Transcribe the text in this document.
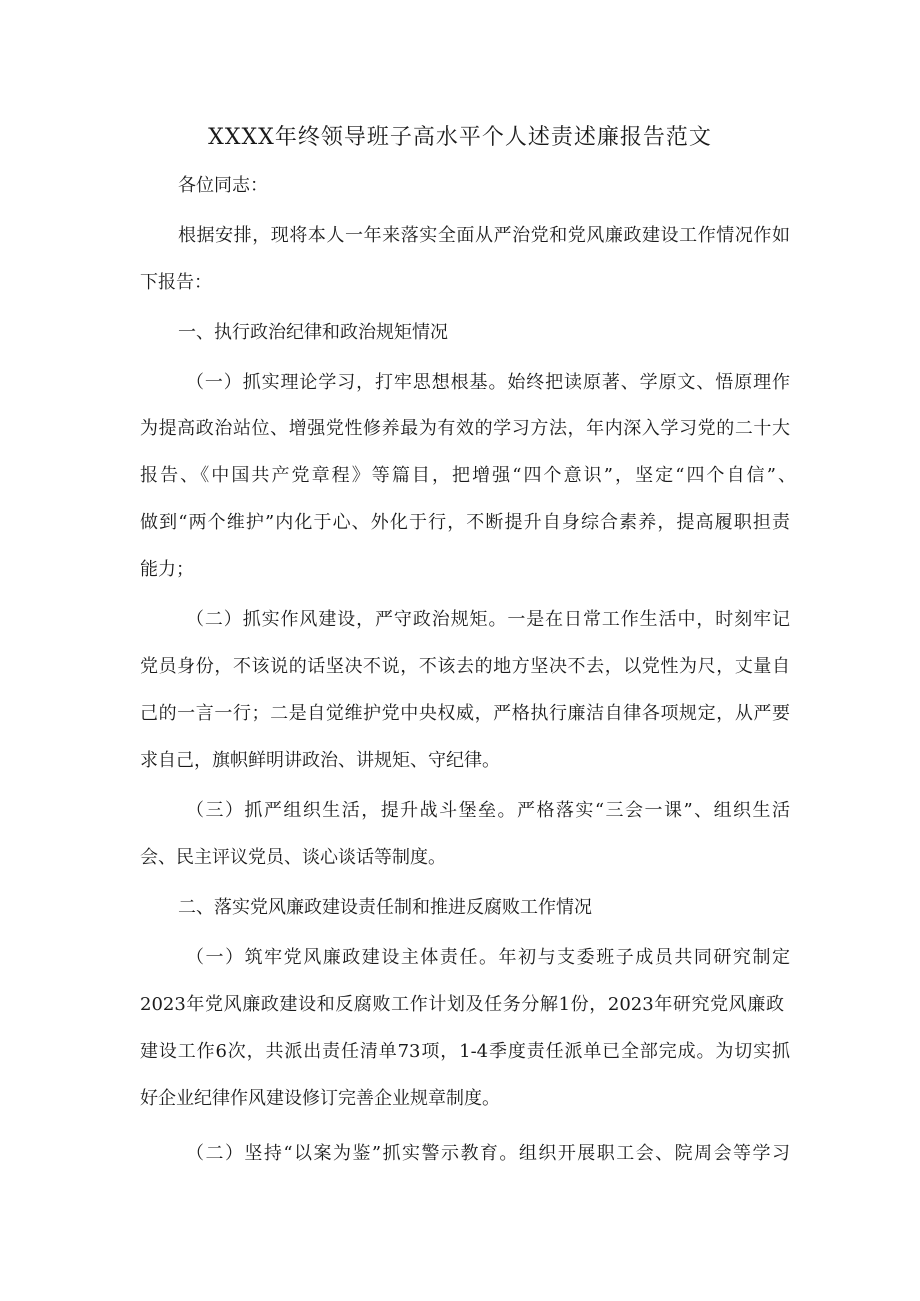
XXXX年终领导班子高水平个人述责述廉报告范文
各位同志：
根据安排，现将本人一年来落实全面从严治党和党风廉政建设工作情况作如
下报告：
一、执行政治纪律和政治规矩情况
（一）抓实理论学习，打牢思想根基。始终把读原著、学原文、悟原理作
为提高政治站位、增强党性修养最为有效的学习方法，年内深入学习党的二十大
报告、《中国共产党章程》等篇目，把增强“四个意识”，坚定“四个自信”、
做到“两个维护”内化于心、外化于行，不断提升自身综合素养，提高履职担责
能力；
（二）抓实作风建设，严守政治规矩。一是在日常工作生活中，时刻牢记
党员身份，不该说的话坚决不说，不该去的地方坚决不去，以党性为尺，丈量自
己的一言一行；二是自觉维护党中央权威，严格执行廉洁自律各项规定，从严要
求自己，旗帜鲜明讲政治、讲规矩、守纪律。
（三）抓严组织生活，提升战斗堡垒。严格落实“三会一课”、组织生活
会、民主评议党员、谈心谈话等制度。
二、落实党风廉政建设责任制和推进反腐败工作情况
（一）筑牢党风廉政建设主体责任。年初与支委班子成员共同研究制定
2023年党风廉政建设和反腐败工作计划及任务分解1份，2023年研究党风廉政
建设工作6次，共派出责任清单73项，1-4季度责任派单已全部完成。为切实抓
好企业纪律作风建设修订完善企业规章制度。
（二）坚持“以案为鉴”抓实警示教育。组织开展职工会、院周会等学习
